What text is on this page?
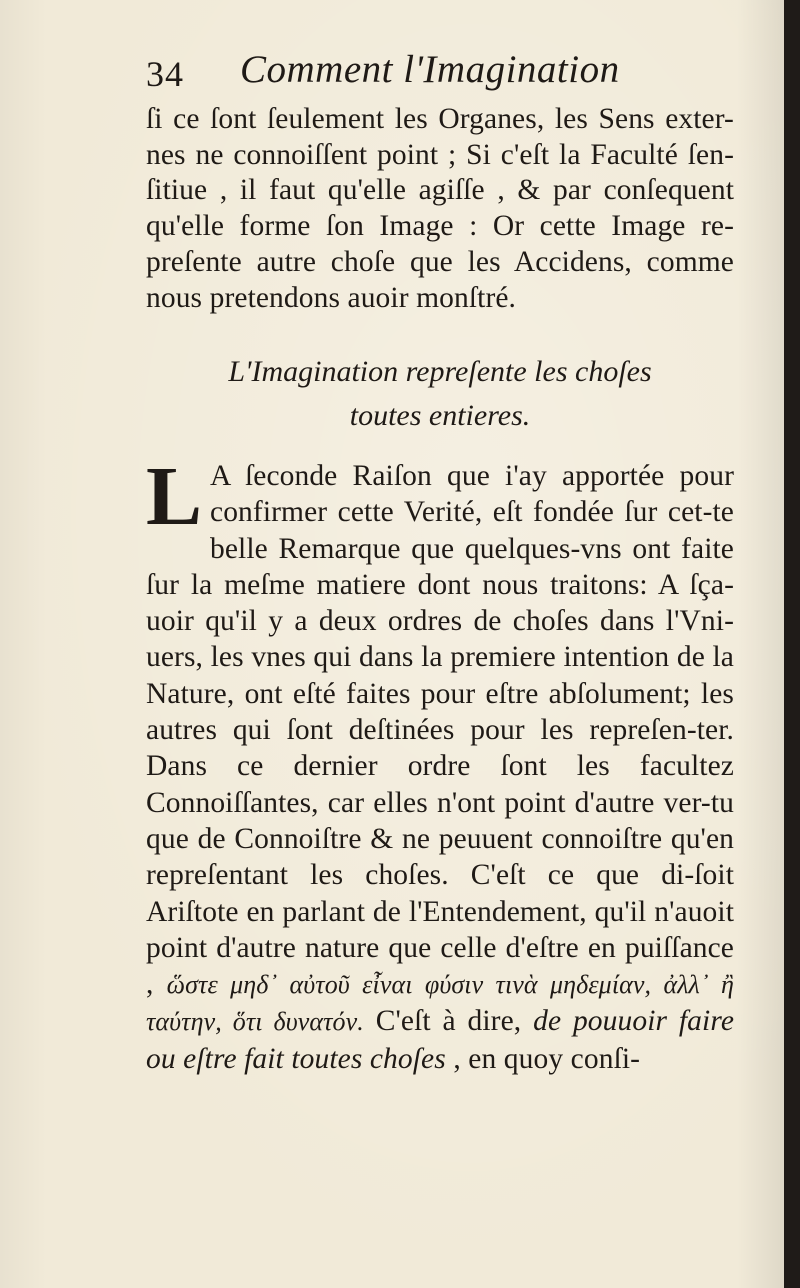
34 Comment l'Imagination

ſi ce ſont ſeulement les Organes, les Sens exter-nes ne connoiſſent point ; Si c'eſt la Faculté ſen-ſitiue , il faut qu'elle agiſſe , & par conſequent qu'elle forme ſon Image : Or cette Image re-preſente autre choſe que les Accidens, comme nous pretendons auoir monſtré.

L'Imagination repreſente les choſes
toutes entieres.
L A ſeconde Raiſon que i'ay apportée pour confirmer cette Verité, eſt fondée ſur cet-te belle Remarque que quelques-vns ont faite ſur la meſme matiere dont nous traitons: A ſça-uoir qu'il y a deux ordres de choſes dans l'Vni-uers, les vnes qui dans la premiere intention de la Nature, ont eſté faites pour eſtre abſolument; les autres qui ſont deſtinées pour les repreſen-ter. Dans ce dernier ordre ſont les facultez Connoiſſantes, car elles n'ont point d'autre ver-tu que de Connoiſtre & ne peuuent connoiſtre qu'en repreſentant les choſes. C'eſt ce que di-ſoit Ariſtote en parlant de l'Entendement, qu'il n'auoit point d'autre nature que celle d'eſtre en puiſſance , ὥστε μηδ᾽ αὐτοῦ εἶναι φύσιν τινὰ μηδεμίαν, ἀλλ᾽ ἢ ταύτην, ὅτι δυνατόν. C'eſt à dire, de pouuoir faire ou eſtre fait toutes choſes , en quoy conſi-
